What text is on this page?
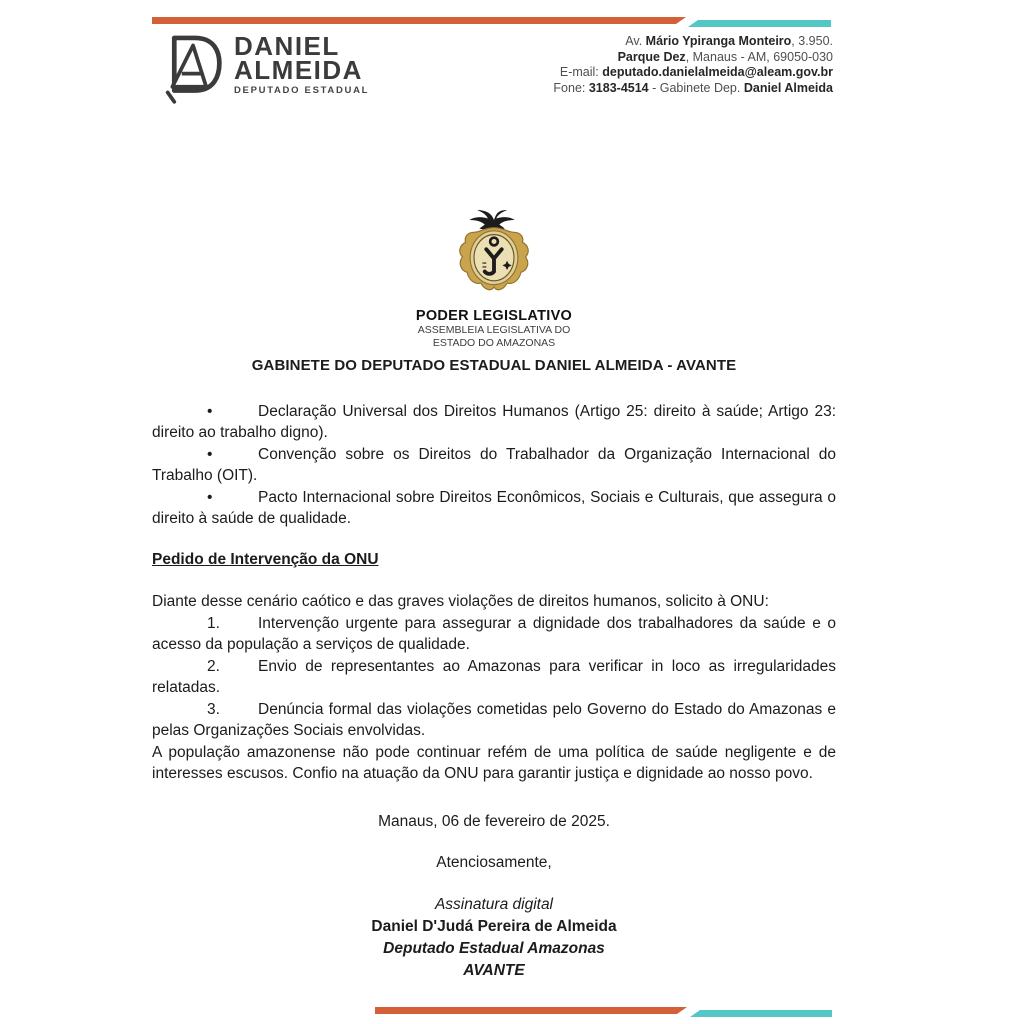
DANIEL
ALMEIDA
DEPUTADO ESTADUAL
Av. Mário Ypiranga Monteiro, 3.950.
Parque Dez, Manaus - AM, 69050-030
E-mail: deputado.danielalmeida@aleam.gov.br
Fone: 3183-4514 - Gabinete Dep. Daniel Almeida
PODER LEGISLATIVO
ASSEMBLEIA LEGISLATIVA DO
ESTADO DO AMAZONAS
GABINETE DO DEPUTADO ESTADUAL DANIEL ALMEIDA - AVANTE

•	Declaração Universal dos Direitos Humanos (Artigo 25: direito à saúde; Artigo 23: direito ao trabalho digno).

•	Convenção sobre os Direitos do Trabalhador da Organização Internacional do Trabalho (OIT).

•	Pacto Internacional sobre Direitos Econômicos, Sociais e Culturais, que assegura o direito à saúde de qualidade.

Pedido de Intervenção da ONU

Diante desse cenário caótico e das graves violações de direitos humanos, solicito à ONU:

1. Intervenção urgente para assegurar a dignidade dos trabalhadores da saúde e o acesso da população a serviços de qualidade.

2. Envio de representantes ao Amazonas para verificar in loco as irregularidades relatadas.

3. Denúncia formal das violações cometidas pelo Governo do Estado do Amazonas e pelas Organizações Sociais envolvidas.

A população amazonense não pode continuar refém de uma política de saúde negligente e de interesses escusos. Confio na atuação da ONU para garantir justiça e dignidade ao nosso povo.

Manaus, 06 de fevereiro de 2025.

Atenciosamente,

Assinatura digital

Daniel D'Judá Pereira de Almeida

Deputado Estadual Amazonas

AVANTE
